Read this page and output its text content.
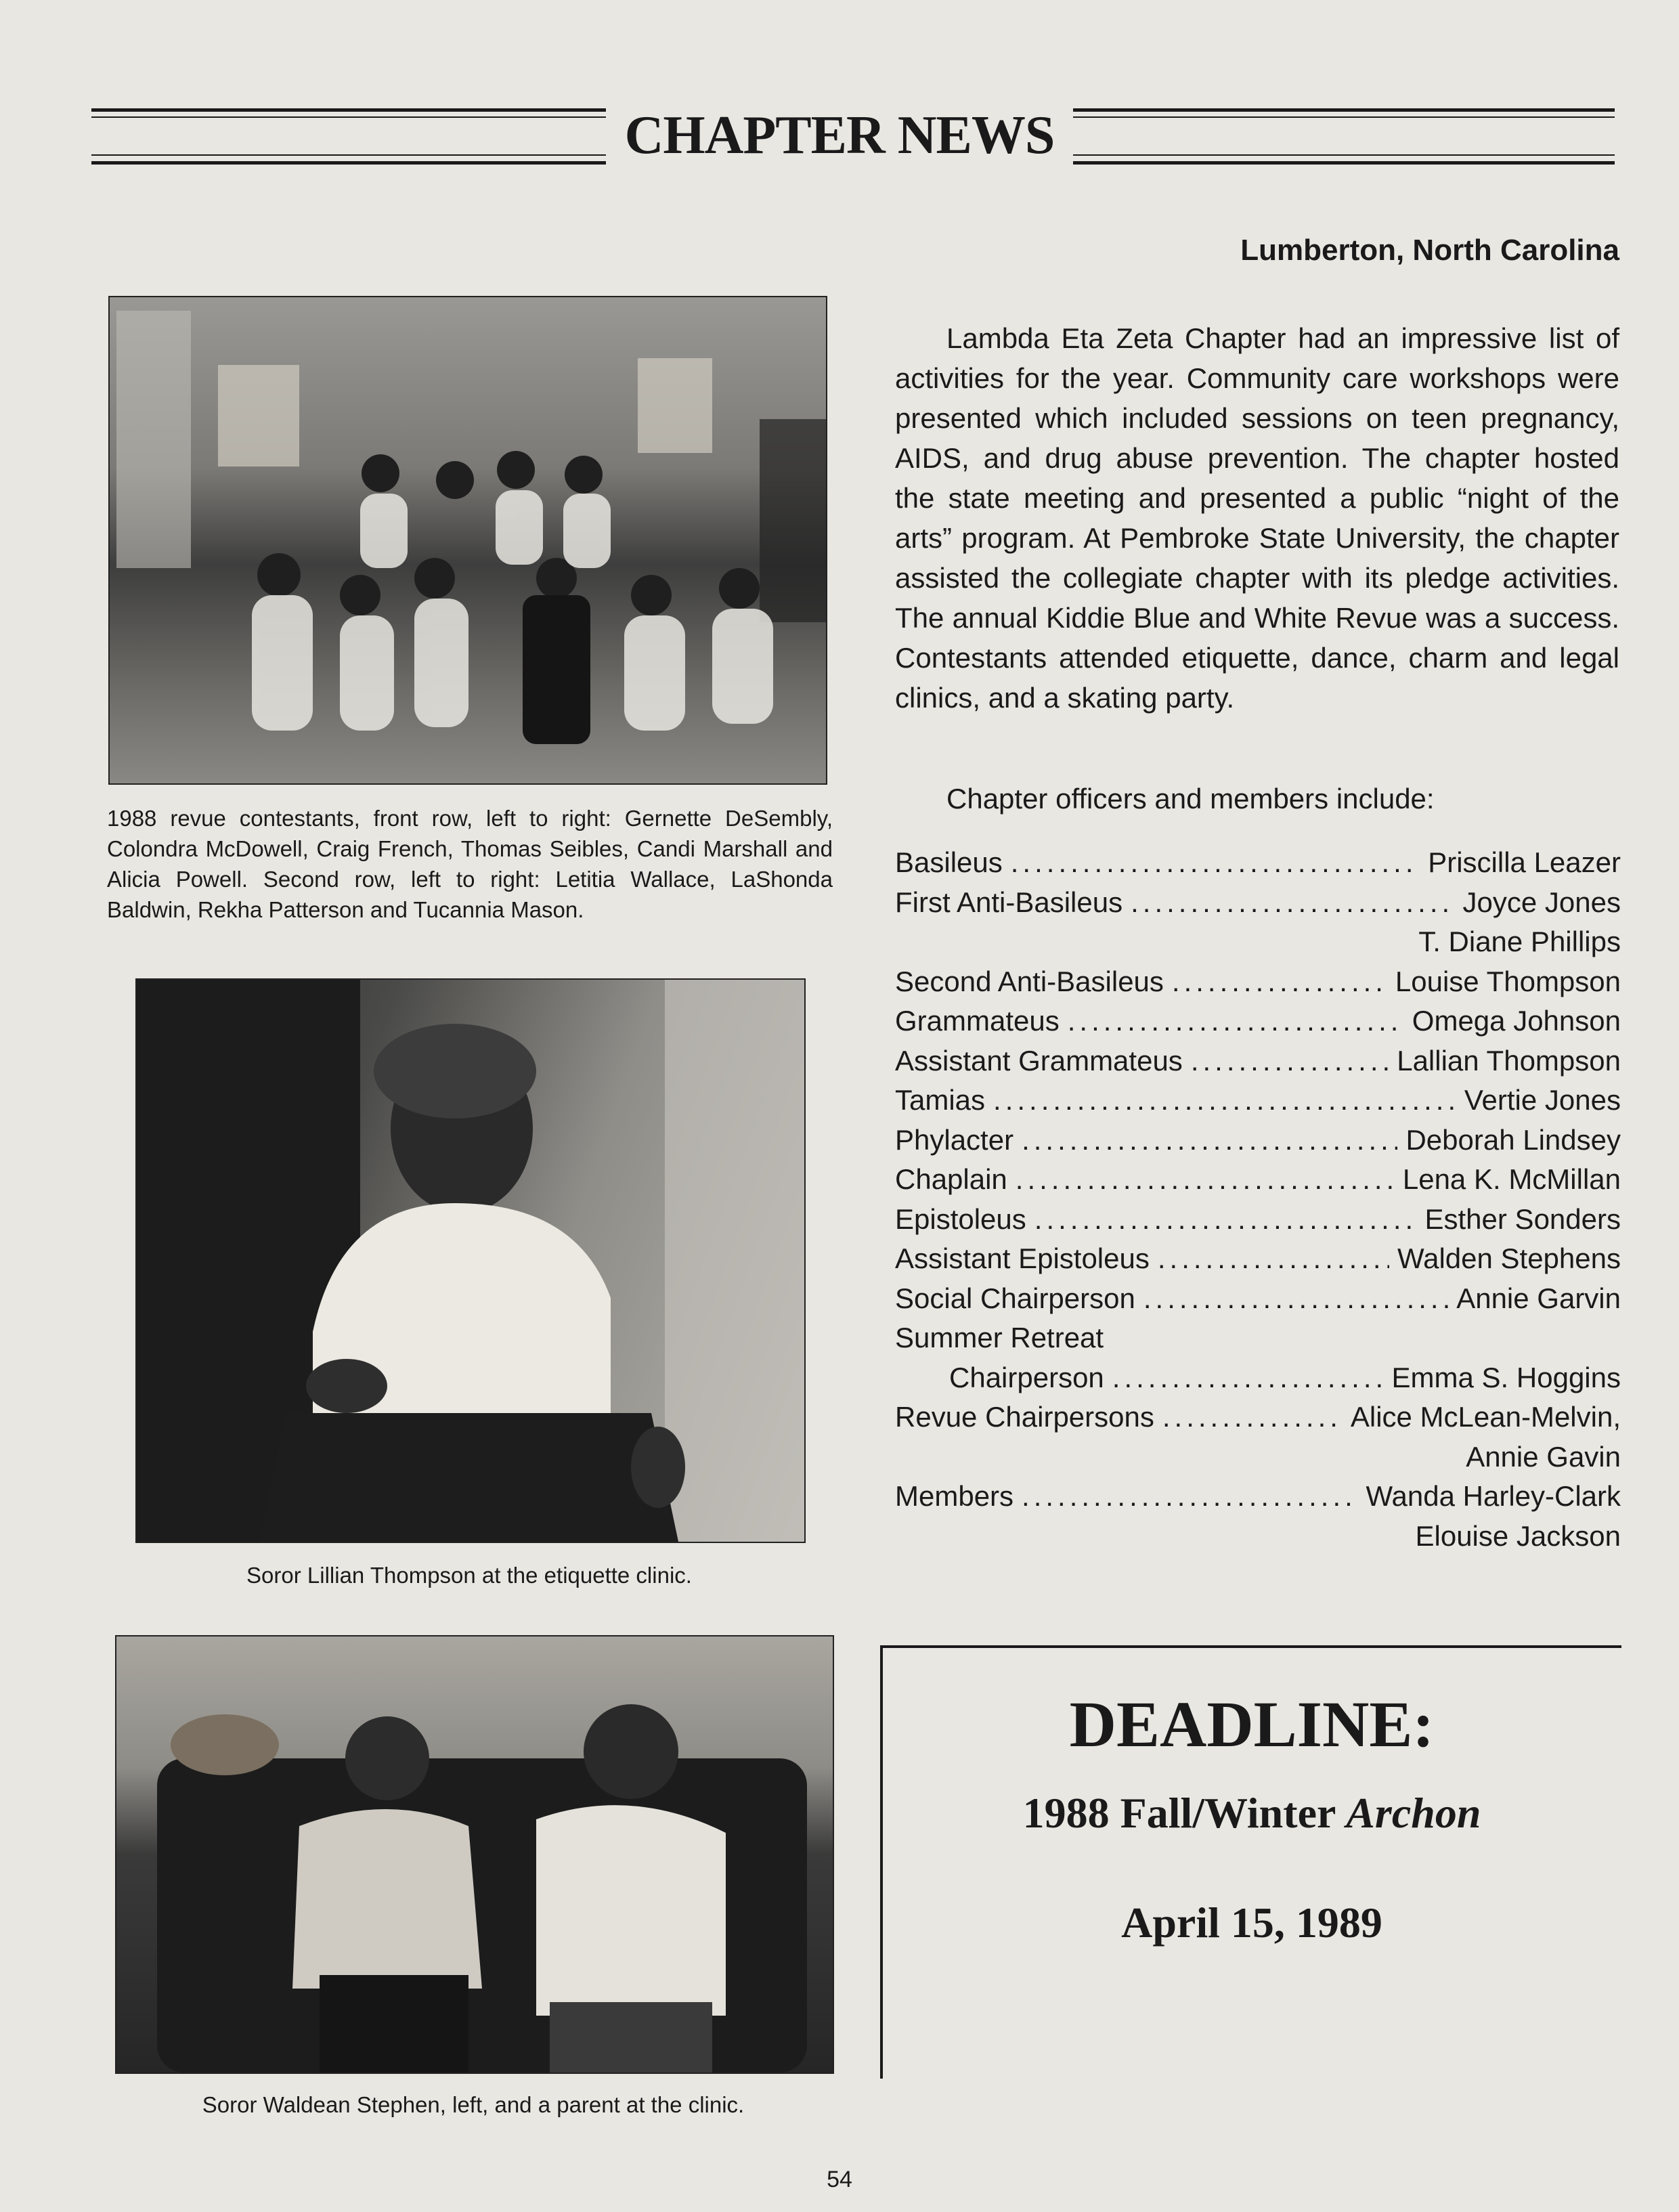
CHAPTER NEWS
1988 revue contestants, front row, left to right: Gernette DeSembly, Colondra McDowell, Craig French, Thomas Seibles, Candi Marshall and Alicia Powell. Second row, left to right: Letitia Wallace, LaShonda Baldwin, Rekha Patterson and Tucannia Mason.
Soror Lillian Thompson at the etiquette clinic.
Soror Waldean Stephen, left, and a parent at the clinic.
Lumberton, North Carolina
Lambda Eta Zeta Chapter had an impressive list of activities for the year. Community care workshops were presented which included sessions on teen pregnancy, AIDS, and drug abuse prevention. The chapter hosted the state meeting and presented a public “night of the arts” program. At Pembroke State University, the chapter assisted the collegiate chapter with its pledge activities. The annual Kiddie Blue and White Revue was a success. Contestants attended etiquette, dance, charm and legal clinics, and a skating party.
Chapter officers and members include:
Basileus .....	Priscilla Leazer
First Anti-Basileus .....	Joyce Jones
T. Diane Phillips
Second Anti-Basileus .....	Louise Thompson
Grammateus .....	Omega Johnson
Assistant Grammateus .....	Lallian Thompson
Tamias .....	Vertie Jones
Phylacter .....	Deborah Lindsey
Chaplain .....	Lena K. McMillan
Epistoleus .....	Esther Sonders
Assistant Epistoleus .....	Walden Stephens
Social Chairperson .....	Annie Garvin
Summer Retreat
Chairperson .....	Emma S. Hoggins
Revue Chairpersons .....	Alice McLean-Melvin,
Annie Gavin
Members .....	Wanda Harley-Clark
Elouise Jackson
DEADLINE:
1988 Fall/Winter Archon
April 15, 1989
54
